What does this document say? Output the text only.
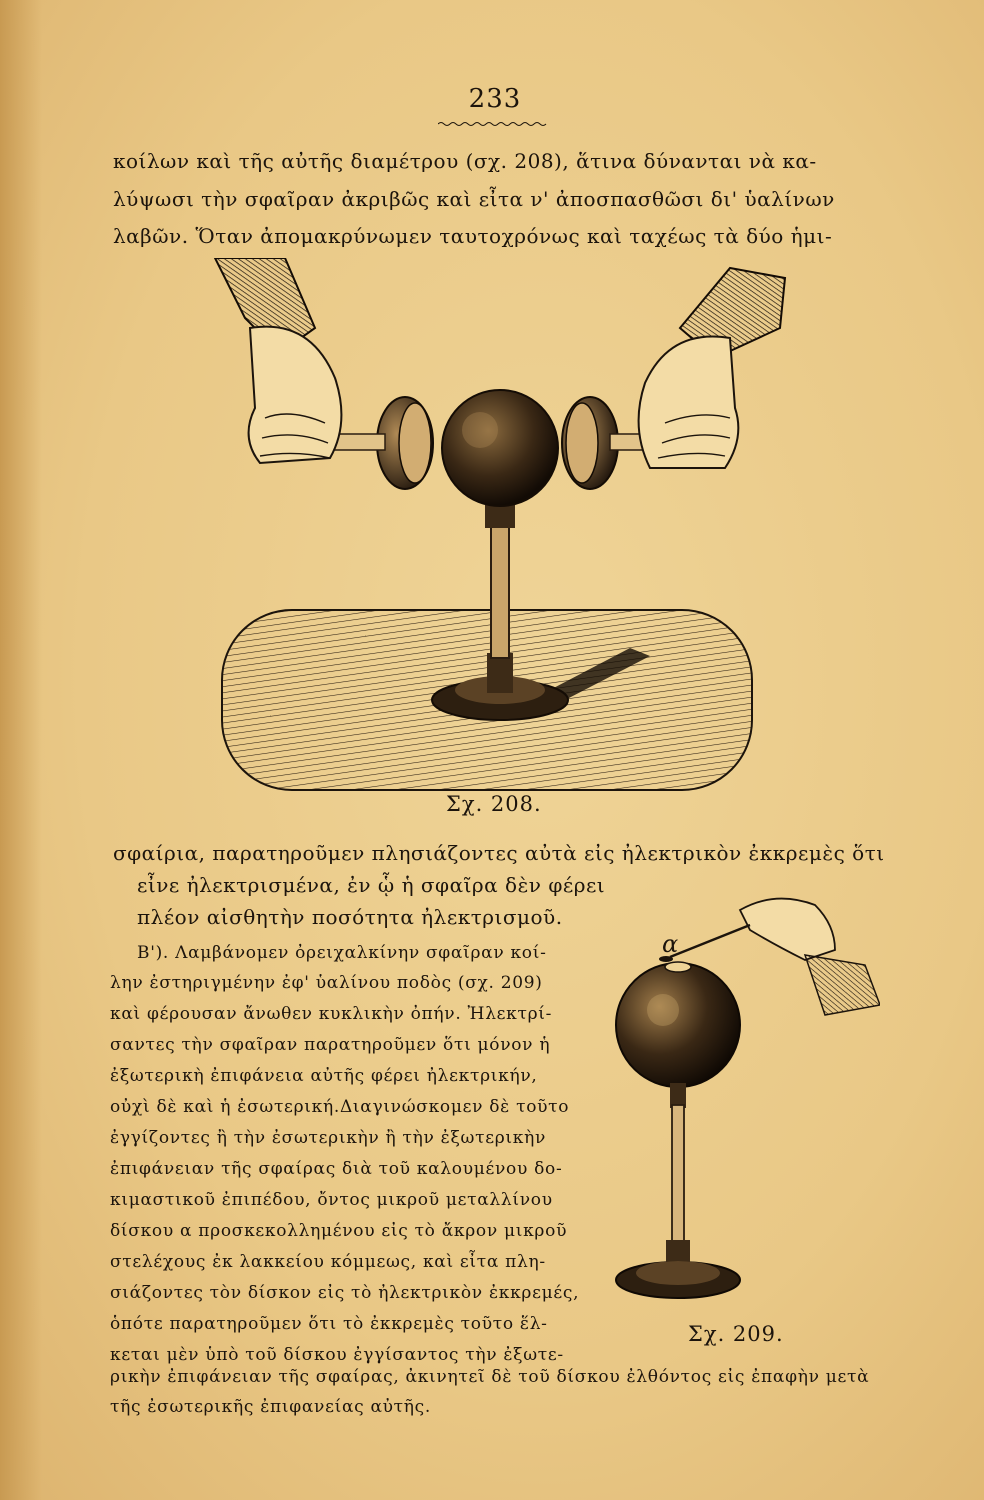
233
κοίλων καὶ τῆς αὐτῆς διαμέτρου (σχ. 208), ἅτινα δύνανται νὰ κα-
λύψωσι τὴν σφαῖραν ἀκριβῶς καὶ εἶτα ν' ἀποσπασθῶσι δι' ὑαλίνων
λαβῶν. Ὅταν ἀπομακρύνωμεν ταυτοχρόνως καὶ ταχέως τὰ δύο ἡμι-
Σχ. 208.
σφαίρια, παρατηροῦμεν πλησιάζοντες αὐτὰ εἰς ἠλεκτρικὸν ἐκκρεμὲς ὅτι
εἶνε ἠλεκτρισμένα, ἐν ᾧ ἡ σφαῖρα δὲν φέρει
πλέον αἰσθητὴν ποσότητα ἠλεκτρισμοῦ.
Β'). Λαμβάνομεν ὀρειχαλκίνην σφαῖραν κοί-
λην ἐστηριγμένην ἐφ' ὑαλίνου ποδὸς (σχ. 209)
καὶ φέρουσαν ἄνωθεν κυκλικὴν ὀπήν. Ἠλεκτρί-
σαντες τὴν σφαῖραν παρατηροῦμεν ὅτι μόνον ἡ
ἐξωτερικὴ ἐπιφάνεια αὐτῆς φέρει ἠλεκτρικήν,
οὐχὶ δὲ καὶ ἡ ἐσωτερική.Διαγινώσκομεν δὲ τοῦτο
ἐγγίζοντες ἢ τὴν ἐσωτερικὴν ἢ τὴν ἐξωτερικὴν
ἐπιφάνειαν τῆς σφαίρας διὰ τοῦ καλουμένου δο-
κιμαστικοῦ ἐπιπέδου, ὄντος μικροῦ μεταλλίνου
δίσκου α προσκεκολλημένου εἰς τὸ ἄκρον μικροῦ
στελέχους ἐκ λακκείου κόμμεως, καὶ εἶτα πλη-
σιάζοντες τὸν δίσκον εἰς τὸ ἠλεκτρικὸν ἐκκρεμές,
ὁπότε παρατηροῦμεν ὅτι τὸ ἐκκρεμὲς τοῦτο ἕλ-
κεται μὲν ὑπὸ τοῦ δίσκου ἐγγίσαντος τὴν ἐξωτε-
α
Σχ. 209.
ρικὴν ἐπιφάνειαν τῆς σφαίρας, ἀκινητεῖ δὲ τοῦ δίσκου ἐλθόντος εἰς ἐπαφὴν μετὰ
τῆς ἐσωτερικῆς ἐπιφανείας αὐτῆς.
